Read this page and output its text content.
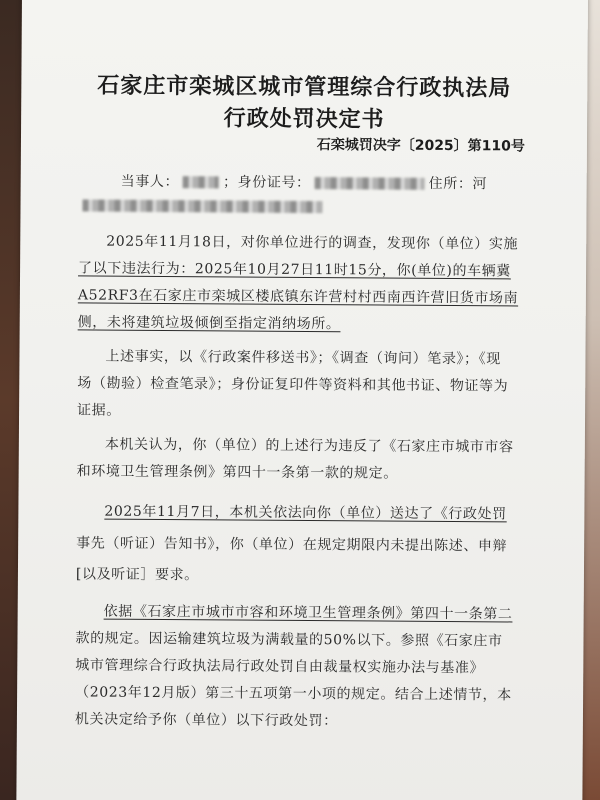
石家庄市栾城区城市管理综合行政执法局
行政处罚决定书
石栾城罚决字〔2025〕第110号
当事人：	；身份证号：	住所：河
2025年11月18日，对你单位进行的调查，发现你（单位）实施
了以下违法行为：2025年10月27日11时15分，你(单位)的车辆冀
A52RF3在石家庄市栾城区楼底镇东许营村村西南西许营旧货市场南
侧，未将建筑垃圾倾倒至指定消纳场所。
上述事实，以《行政案件移送书》；《调查（询问）笔录》；《现
场（勘验）检查笔录》；身份证复印件等资料和其他书证、物证等为
证据。
本机关认为，你（单位）的上述行为违反了《石家庄市城市市容
和环境卫生管理条例》第四十一条第一款的规定。
2025年11月7日，本机关依法向你（单位）送达了《行政处罚
事先（听证）告知书》，你（单位）在规定期限内未提出陈述、申辩
[以及听证］要求。
依据《石家庄市城市市容和环境卫生管理条例》第四十一条第二
款的规定。因运输建筑垃圾为满载量的50%以下。参照《石家庄市
城市管理综合行政执法局行政处罚自由裁量权实施办法与基准》
（2023年12月版）第三十五项第一小项的规定。结合上述情节，本
机关决定给予你（单位）以下行政处罚：
